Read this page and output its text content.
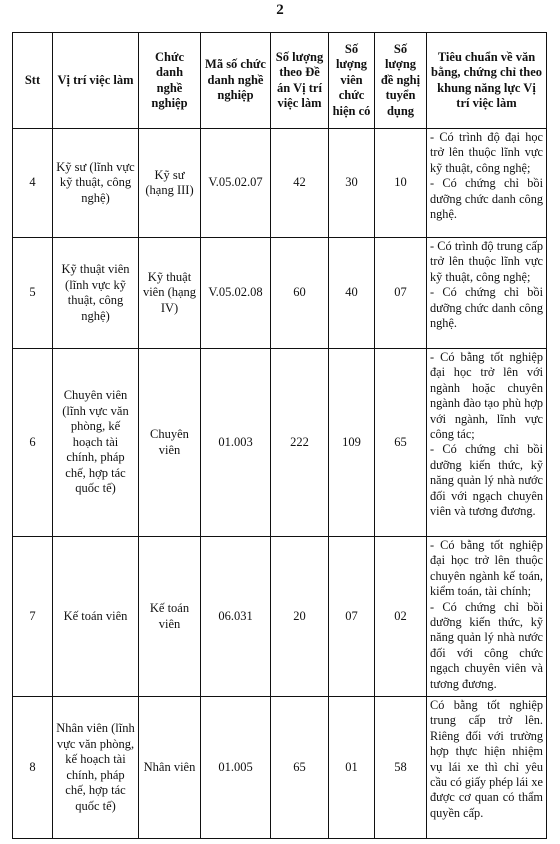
2
Stt	Vị trí việc làm	Chức danh nghề nghiệp	Mã số chức danh nghề nghiệp	Số lượng theo Đề án Vị trí việc làm	Số lượng viên chức hiện có	Số lượng đề nghị tuyển dụng	Tiêu chuẩn về văn bằng, chứng chỉ theo khung năng lực Vị trí việc làm
4	Kỹ sư (lĩnh vực kỹ thuật, công nghệ)	Kỹ sư (hạng III)	V.05.02.07	42	30	10	- Có trình độ đại học trở lên thuộc lĩnh vực kỹ thuật, công nghệ;
- Có chứng chỉ bồi dưỡng chức danh công nghệ.

5	Kỹ thuật viên (lĩnh vực kỹ thuật, công nghệ)	Kỹ thuật viên (hạng IV)	V.05.02.08	60	40	07	- Có trình độ trung cấp trở lên thuộc lĩnh vực kỹ thuật, công nghệ;
- Có chứng chỉ bồi dưỡng chức danh công nghệ.

6	Chuyên viên (lĩnh vực văn phòng, kế hoạch tài chính, pháp chế, hợp tác quốc tế)	Chuyên viên	01.003	222	109	65	- Có bằng tốt nghiệp đại học trở lên với ngành hoặc chuyên ngành đào tạo phù hợp với ngành, lĩnh vực công tác;
- Có chứng chỉ bồi dưỡng kiến thức, kỹ năng quản lý nhà nước đối với ngạch chuyên viên và tương đương.

7	Kế toán viên	Kế toán viên	06.031	20	07	02	- Có bằng tốt nghiệp đại học trở lên thuộc chuyên ngành kế toán, kiểm toán, tài chính;
- Có chứng chỉ bồi dưỡng kiến thức, kỹ năng quản lý nhà nước đối với công chức ngạch chuyên viên và tương đương.

8	Nhân viên (lĩnh vực văn phòng, kế hoạch tài chính, pháp chế, hợp tác quốc tế)	Nhân viên	01.005	65	01	58	Có bằng tốt nghiệp trung cấp trở lên. Riêng đối với trường hợp thực hiện nhiệm vụ lái xe thì chỉ yêu cầu có giấy phép lái xe được cơ quan có thẩm quyền cấp.
